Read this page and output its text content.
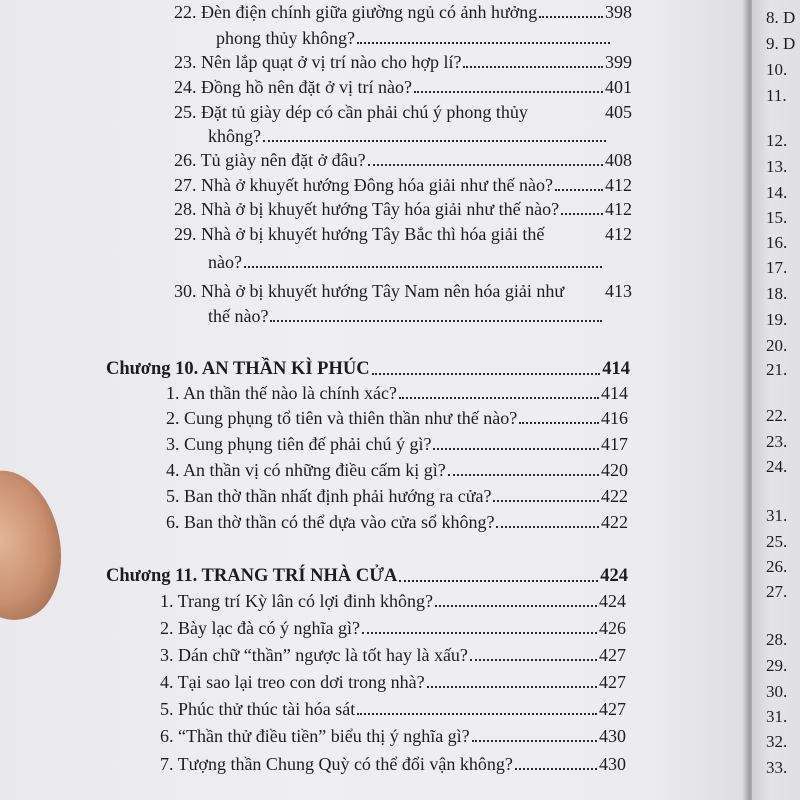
22. Đèn điện chính giữa giường ngủ có ảnh hưởng	398
phong thủy không?
23. Nên lắp quạt ở vị trí nào cho hợp lí?	399
24. Đồng hồ nên đặt ở vị trí nào?	401
25. Đặt tủ giày dép có cần phải chú ý phong thủy	405
không?
26. Tủ giày nên đặt ở đâu?	408
27. Nhà ở khuyết hướng Đông hóa giải như thế nào?	412
28. Nhà ở bị khuyết hướng Tây hóa giải như thế nào?	412
29. Nhà ở bị khuyết hướng Tây Bắc thì hóa giải thế	412
nào?
30. Nhà ở bị khuyết hướng Tây Nam nên hóa giải như 413
thế nào?
Chương 10. AN THẦN KÌ PHÚC	414
1. An thần thế nào là chính xác?	414
2. Cung phụng tổ tiên và thiên thần như thế nào?	416
3. Cung phụng tiên đế phải chú ý gì?	417
4. An thần vị có những điều cấm kị gì?	420
5. Ban thờ thần nhất định phải hướng ra cửa?	422
6. Ban thờ thần có thể dựa vào cửa sổ không?	422
Chương 11. TRANG TRÍ NHÀ CỬA	424
1. Trang trí Kỳ lân có lợi đinh không?	424
2. Bày lạc đà có ý nghĩa gì?	426
3. Dán chữ “thần” ngược là tốt hay là xấu?	427
4. Tại sao lại treo con dơi trong nhà?	427
5. Phúc thử thúc tài hóa sát	427
6. “Thần thử điều tiền” biểu thị ý nghĩa gì?	430
7. Tượng thần Chung Quỳ có thể đổi vận không?	430
8. D
9. D
10.
11.
12.
13.
14.
15.
16.
17.
18.
19.
20.
21.
22.
23.
24.
31.
25.
26.
27.
28.
29.
30.
31.
32.
33.
